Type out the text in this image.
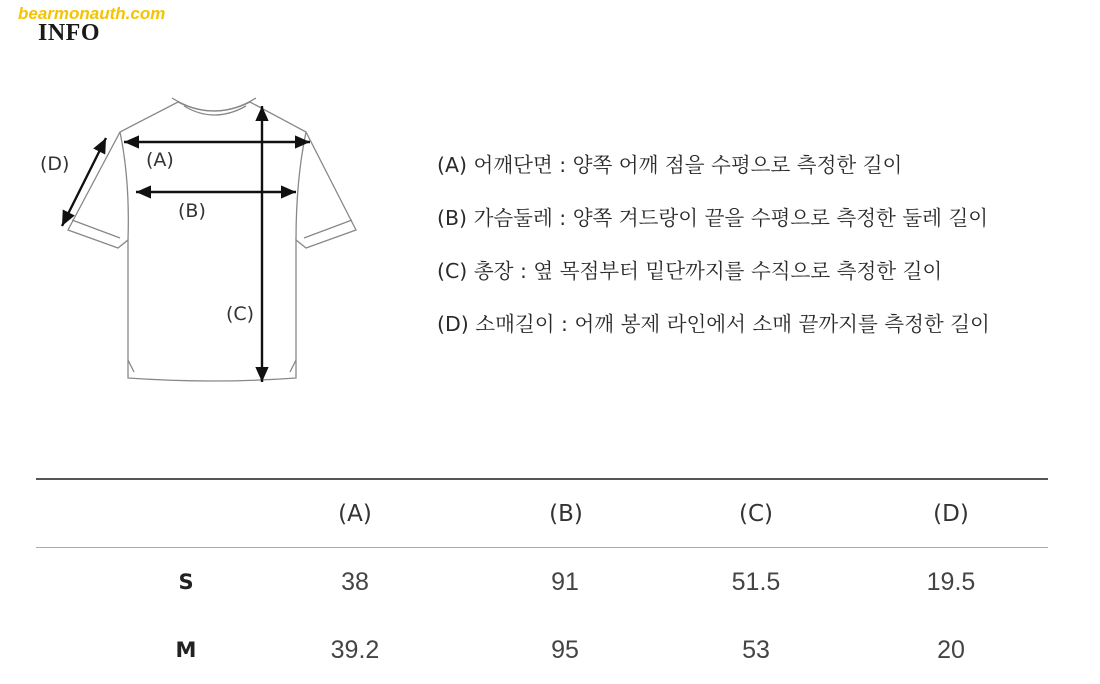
bearmonauth.com
INFO
(A)
(B)
(C)
(D)	(A) 어깨단면 : 양쪽 어깨 점을 수평으로 측정한 길이
(B) 가슴둘레 : 양쪽 겨드랑이 끝을 수평으로 측정한 둘레 길이
(C) 총장 : 옆 목점부터 밑단까지를 수직으로 측정한 길이
(D) 소매길이 : 어깨 봉제 라인에서 소매 끝까지를 측정한 길이
(A)	(B)	(C)	(D)
S	38	91	51.5	19.5
M	39.2	95	53	20
